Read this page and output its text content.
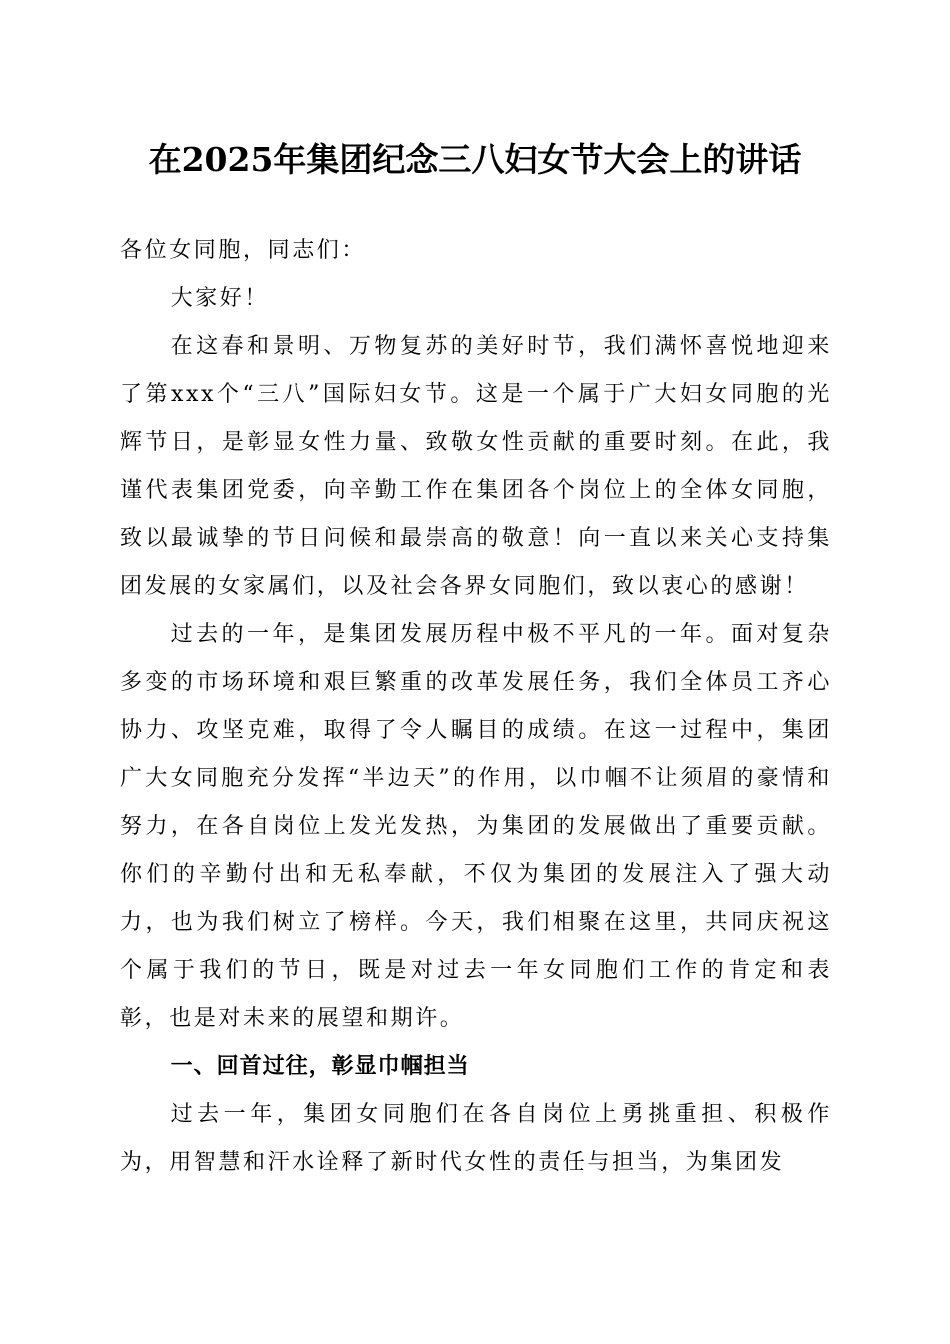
在2025年集团纪念三八妇女节大会上的讲话

各位女同胞，同志们：

大家好！

在这春和景明、万物复苏的美好时节，我们满怀喜悦地迎来了第xxx个“三八”国际妇女节。这是一个属于广大妇女同胞的光辉节日，是彰显女性力量、致敬女性贡献的重要时刻。在此，我谨代表集团党委，向辛勤工作在集团各个岗位上的全体女同胞，致以最诚挚的节日问候和最崇高的敬意！向一直以来关心支持集团发展的女家属们，以及社会各界女同胞们，致以衷心的感谢！

过去的一年，是集团发展历程中极不平凡的一年。面对复杂多变的市场环境和艰巨繁重的改革发展任务，我们全体员工齐心协力、攻坚克难，取得了令人瞩目的成绩。在这一过程中，集团广大女同胞充分发挥“半边天”的作用，以巾帼不让须眉的豪情和努力，在各自岗位上发光发热，为集团的发展做出了重要贡献。你们的辛勤付出和无私奉献，不仅为集团的发展注入了强大动力，也为我们树立了榜样。今天，我们相聚在这里，共同庆祝这个属于我们的节日，既是对过去一年女同胞们工作的肯定和表彰，也是对未来的展望和期许。

一、回首过往，彰显巾帼担当

过去一年，集团女同胞们在各自岗位上勇挑重担、积极作为，用智慧和汗水诠释了新时代女性的责任与担当，为集团发
